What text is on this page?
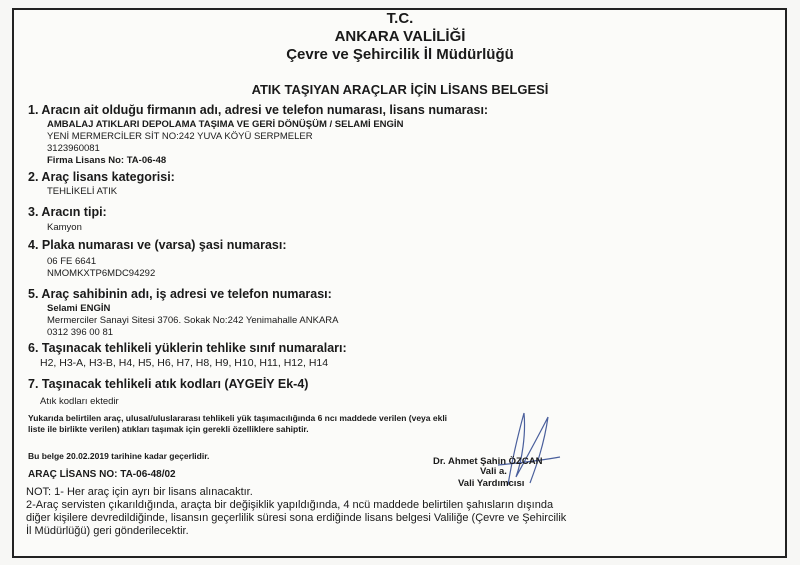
T.C.
ANKARA VALİLİĞİ
Çevre ve Şehircilik İl Müdürlüğü
ATIK TAŞIYAN ARAÇLAR İÇİN LİSANS BELGESİ
1. Aracın ait olduğu firmanın adı, adresi ve telefon numarası, lisans numarası:
AMBALAJ ATIKLARI DEPOLAMA TAŞIMA VE GERİ DÖNÜŞÜM / SELAMİ ENGİN
YENİ MERMERCİLER SİT NO:242 YUVA KÖYÜ SERPMELER
3123960081
Firma Lisans No: TA-06-48
2. Araç lisans kategorisi:
TEHLİKELİ ATIK
3. Aracın tipi:
Kamyon
4. Plaka numarası ve (varsa) şasi numarası:
06 FE 6641
NMOMKXTP6MDC94292
5. Araç sahibinin adı, iş adresi ve telefon numarası:
Selami ENGİN
Mermerciler Sanayi Sitesi 3706. Sokak No:242 Yenimahalle ANKARA
0312 396 00 81
6. Taşınacak tehlikeli yüklerin tehlike sınıf numaraları:
H2, H3-A, H3-B, H4, H5, H6, H7, H8, H9, H10, H11, H12, H14
7. Taşınacak tehlikeli atık kodları (AYGEİY Ek-4)
Atık kodları ektedir
Yukarıda belirtilen araç, ulusal/uluslararası tehlikeli yük taşımacılığında 6 ncı maddede verilen (veya ekli
liste ile birlikte verilen) atıkları taşımak için gerekli özelliklere sahiptir.
Bu belge 20.02.2019 tarihine kadar geçerlidir.
ARAÇ LİSANS NO: TA-06-48/02
Dr. Ahmet Şahin ÖZCAN
Vali a.
Vali Yardımcısı
NOT: 1- Her araç için ayrı bir lisans alınacaktır.
2-Araç servisten çıkarıldığında, araçta bir değişiklik yapıldığında, 4 ncü maddede belirtilen şahısların dışında
diğer kişilere devredildiğinde, lisansın geçerlilik süresi sona erdiğinde lisans belgesi Valiliğe (Çevre ve Şehircilik
İl Müdürlüğü) geri gönderilecektir.
